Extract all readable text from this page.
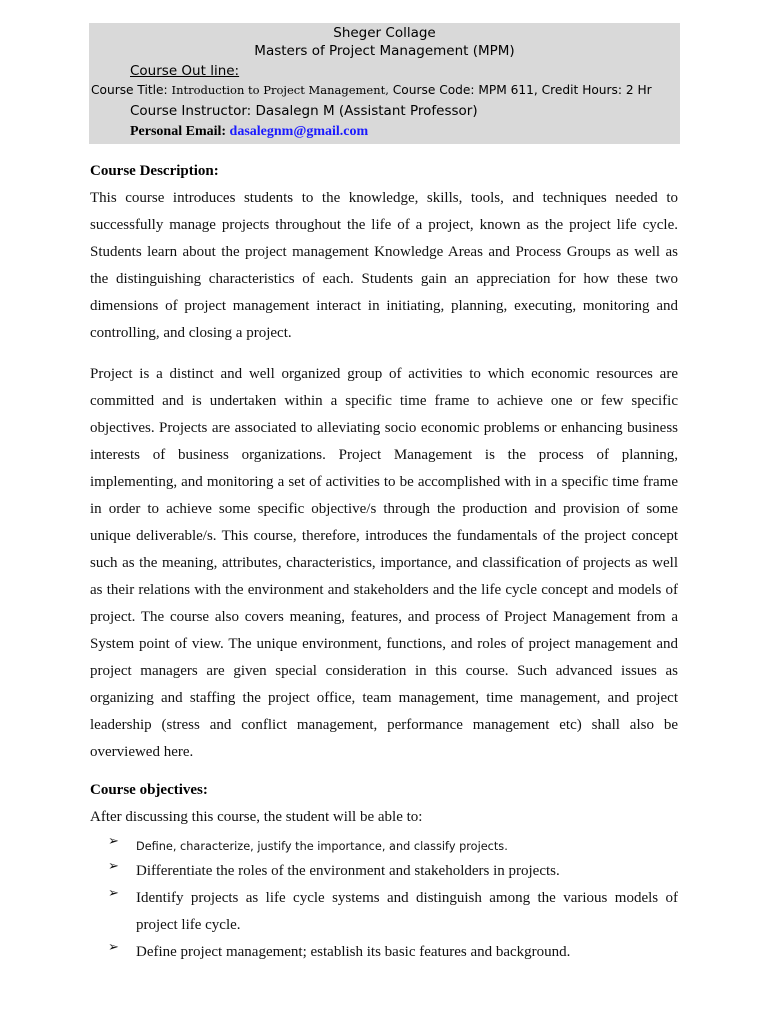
Sheger Collage
Masters of Project Management (MPM)
Course Out line:
Course Title: Introduction to Project Management, Course Code: MPM 611, Credit Hours: 2 Hr
Course Instructor: Dasalegn M (Assistant Professor)
Personal Email: dasalegnm@gmail.com
Course Description:

This course introduces students to the knowledge, skills, tools, and techniques needed to successfully manage projects throughout the life of a project, known as the project life cycle. Students learn about the project management Knowledge Areas and Process Groups as well as the distinguishing characteristics of each. Students gain an appreciation for how these two dimensions of project management interact in initiating, planning, executing, monitoring and controlling, and closing a project.

Project is a distinct and well organized group of activities to which economic resources are committed and is undertaken within a specific time frame to achieve one or few specific objectives. Projects are associated to alleviating socio economic problems or enhancing business interests of business organizations. Project Management is the process of planning, implementing, and monitoring a set of activities to be accomplished with in a specific time frame in order to achieve some specific objective/s through the production and provision of some unique deliverable/s. This course, therefore, introduces the fundamentals of the project concept such as the meaning, attributes, characteristics, importance, and classification of projects as well as their relations with the environment and stakeholders and the life cycle concept and models of project. The course also covers meaning, features, and process of Project Management from a System point of view. The unique environment, functions, and roles of project management and project managers are given special consideration in this course. Such advanced issues as organizing and staffing the project office, team management, time management, and project leadership (stress and conflict management, performance management etc) shall also be overviewed here.

Course objectives:

After discussing this course, the student will be able to:

➢ Define, characterize, justify the importance, and classify projects.
➢ Differentiate the roles of the environment and stakeholders in projects.
➢ Identify projects as life cycle systems and distinguish among the various models of project life cycle.
➢ Define project management; establish its basic features and background.
